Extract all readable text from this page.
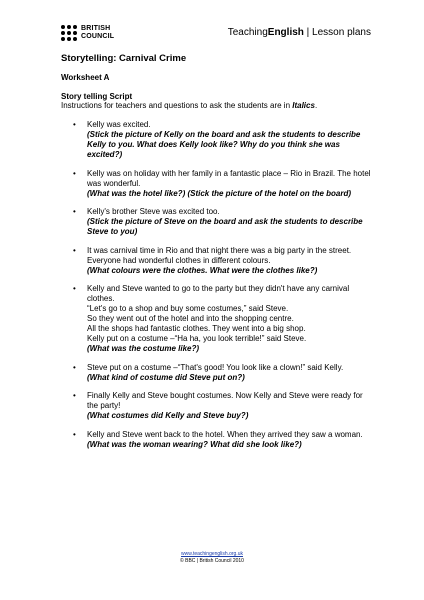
BRITISH
COUNCIL	TeachingEnglish | Lesson plans
Storytelling: Carnival Crime
Worksheet A
Story telling Script
Instructions for teachers and questions to ask the students are in Italics.
• Kelly was excited.
(Stick the picture of Kelly on the board and ask the students to describe Kelly to you. What does Kelly look like? Why do you think she was excited?)
• Kelly was on holiday with her family in a fantastic place – Rio in Brazil. The hotel was wonderful.
(What was the hotel like?) (Stick the picture of the hotel on the board)
• Kelly's brother Steve was excited too.
(Stick the picture of Steve on the board and ask the students to describe Steve to you)
• It was carnival time in Rio and that night there was a big party in the street. Everyone had wonderful clothes in different colours.
(What colours were the clothes. What were the clothes like?)
• Kelly and Steve wanted to go to the party but they didn't have any carnival clothes.
“Let's go to a shop and buy some costumes,” said Steve.
So they went out of the hotel and into the shopping centre.
All the shops had fantastic clothes. They went into a big shop.
Kelly put on a costume –“Ha ha, you look terrible!” said Steve.
(What was the costume like?)
• Steve put on a costume –“That's good! You look like a clown!” said Kelly.
(What kind of costume did Steve put on?)
• Finally Kelly and Steve bought costumes. Now Kelly and Steve were ready for the party!
(What costumes did Kelly and Steve buy?)
• Kelly and Steve went back to the hotel. When they arrived they saw a woman.
(What was the woman wearing? What did she look like?)
www.teachingenglish.org.uk
© BBC | British Council 2010
